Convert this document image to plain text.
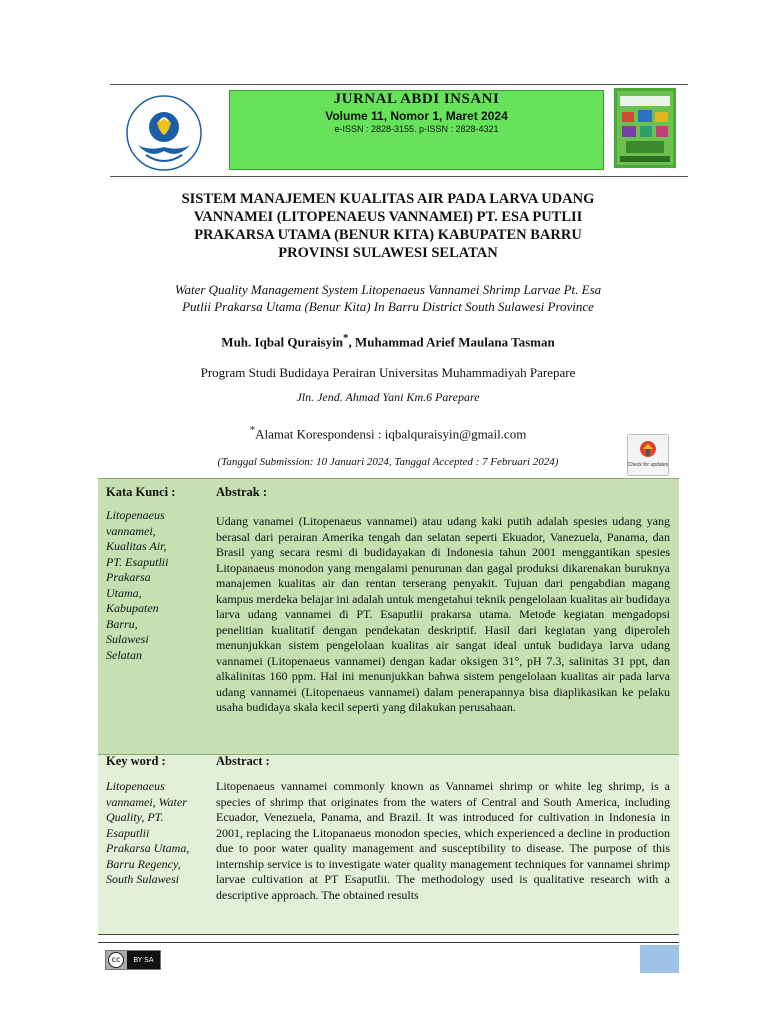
JURNAL ABDI INSANI
Volume 11, Nomor 1, Maret 2024
e-ISSN : 2828-3155. p-ISSN : 2828-4321
SISTEM MANAJEMEN KUALITAS AIR PADA LARVA UDANG
VANNAMEI (LITOPENAEUS VANNAMEI) PT. ESA PUTLII
PRAKARSA UTAMA (BENUR KITA) KABUPATEN BARRU
PROVINSI SULAWESI SELATAN
Water Quality Management System Litopenaeus Vannamei Shrimp Larvae Pt. Esa
Putlii Prakarsa Utama (Benur Kita) In Barru District South Sulawesi Province
Muh. Iqbal Quraisyin*, Muhammad Arief Maulana Tasman
Program Studi Budidaya Perairan Universitas Muhammadiyah Parepare
Jln. Jend. Ahmad Yani Km.6 Parepare
*Alamat Korespondensi : iqbalquraisyin@gmail.com
Check for updates
(Tanggal Submission: 10 Januari 2024, Tanggal Accepted : 7 Februari 2024)
Kata Kunci :	Abstrak :
Litopenaeus
vannamei,
Kualitas Air,
PT. Esaputlii
Prakarsa
Utama,
Kabupaten
Barru,
Sulawesi
Selatan
Udang vanamei (Litopenaeus vannamei) atau udang kaki putih adalah spesies udang yang berasal dari perairan Amerika tengah dan selatan seperti Ekuador, Vanezuela, Panama, dan Brasil yang secara resmi di budidayakan di Indonesia tahun 2001 menggantikan spesies Litopanaeus monodon yang mengalami penurunan dan gagal produksi dikarenakan buruknya manajemen kualitas air dan rentan terserang penyakit. Tujuan dari pengabdian magang kampus merdeka belajar ini adalah untuk mengetahui teknik pengelolaan kualitas air budidaya larva udang vannamei di PT. Esaputlii prakarsa utama. Metode kegiatan mengadopsi penelitian kualitatif dengan pendekatan deskriptif. Hasil dari kegiatan yang diperoleh menunjukkan sistem pengelolaan kualitas air sangat ideal untuk budidaya larva udang vannamei (Litopenaeus vannamei) dengan kadar oksigen 31°, pH 7.3, salinitas 31 ppt, dan alkalinitas 160 ppm. Hal ini menunjukkan bahwa sistem pengelolaan kualitas air pada larva udang vannamei (Litopenaeus vannamei) dalam penerapannya bisa diaplikasikan ke pelaku usaha budidaya skala kecil seperti yang dilakukan perusahaan.
Key word :	Abstract :
Litopenaeus
vannamei, Water
Quality, PT.
Esaputlii
Prakarsa Utama,
Barru Regency,
South Sulawesi
Litopenaeus vannamei commonly known as Vannamei shrimp or white leg shrimp, is a species of shrimp that originates from the waters of Central and South America, including Ecuador, Venezuela, Panama, and Brazil. It was introduced for cultivation in Indonesia in 2001, replacing the Litopanaeus monodon species, which experienced a decline in production due to poor water quality management and susceptibility to disease. The purpose of this internship service is to investigate water quality management techniques for vannamei shrimp larvae cultivation at PT Esaputlii. The methodology used is qualitative research with a descriptive approach. The obtained results
cc	BY SA
